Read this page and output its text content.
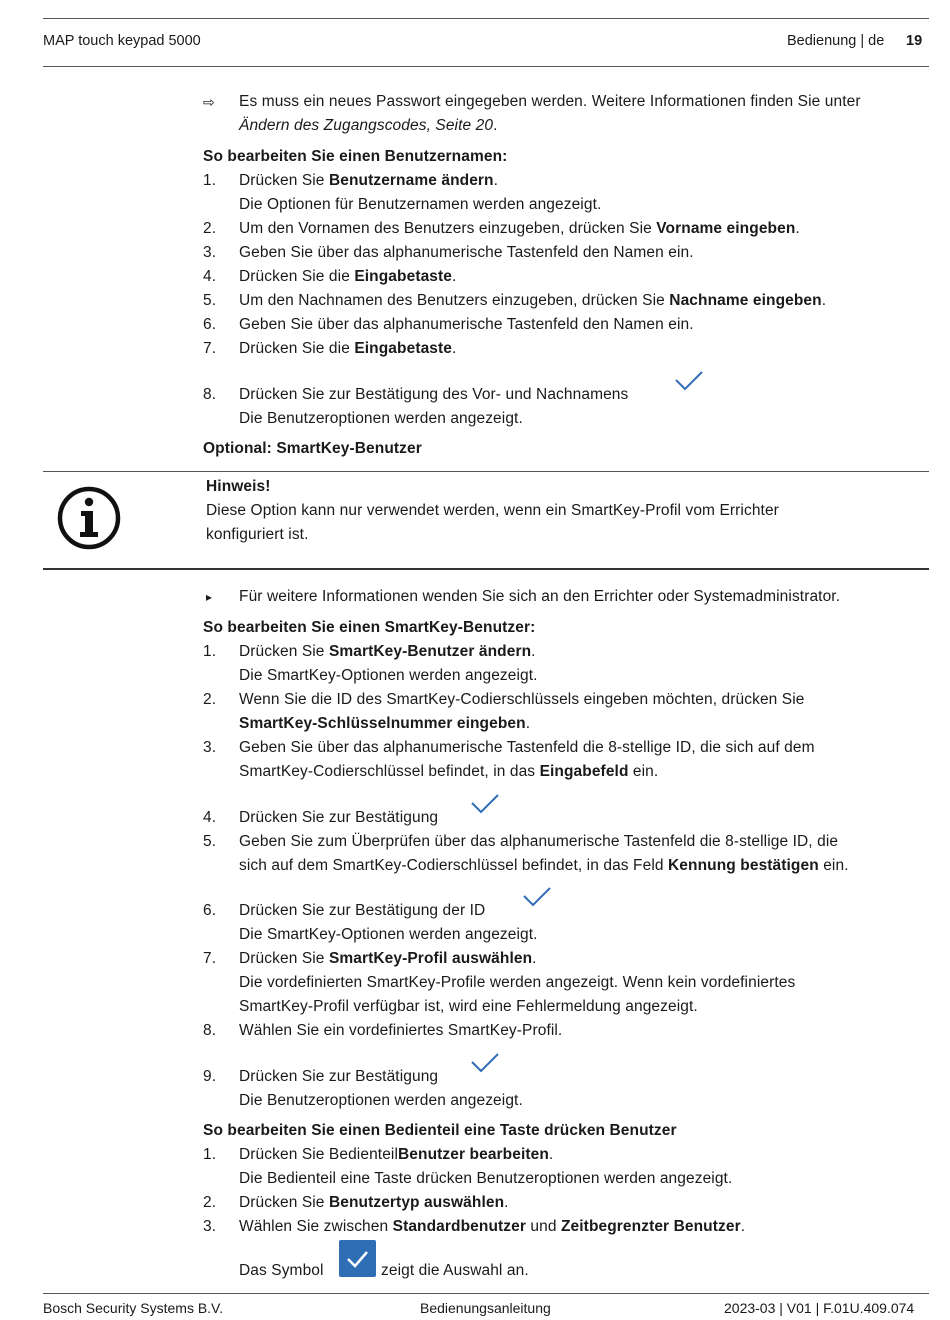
MAP touch keypad 5000	Bedienung | de 19
⇨ Es muss ein neues Passwort eingegeben werden. Weitere Informationen finden Sie unter
Ändern des Zugangscodes, Seite 20.
So bearbeiten Sie einen Benutzernamen:
1.	Drücken Sie Benutzername ändern.
Die Optionen für Benutzernamen werden angezeigt.
2.	Um den Vornamen des Benutzers einzugeben, drücken Sie Vorname eingeben.
3.	Geben Sie über das alphanumerische Tastenfeld den Namen ein.
4.	Drücken Sie die Eingabetaste.
5.	Um den Nachnamen des Benutzers einzugeben, drücken Sie Nachname eingeben.
6.	Geben Sie über das alphanumerische Tastenfeld den Namen ein.
7.	Drücken Sie die Eingabetaste.
8.	Drücken Sie zur Bestätigung des Vor- und Nachnamens
Die Benutzeroptionen werden angezeigt.
Optional: SmartKey-Benutzer
Hinweis!
Diese Option kann nur verwendet werden, wenn ein SmartKey-Profil vom Errichter konfiguriert ist.
▸ Für weitere Informationen wenden Sie sich an den Errichter oder Systemadministrator.
So bearbeiten Sie einen SmartKey-Benutzer:
1.	Drücken Sie SmartKey-Benutzer ändern.
Die SmartKey-Optionen werden angezeigt.
2.	Wenn Sie die ID des SmartKey-Codierschlüssels eingeben möchten, drücken Sie
SmartKey-Schlüsselnummer eingeben.
3.	Geben Sie über das alphanumerische Tastenfeld die 8-stellige ID, die sich auf dem
SmartKey-Codierschlüssel befindet, in das Eingabefeld ein.
4.	Drücken Sie zur Bestätigung
5.	Geben Sie zum Überprüfen über das alphanumerische Tastenfeld die 8-stellige ID, die
sich auf dem SmartKey-Codierschlüssel befindet, in das Feld Kennung bestätigen ein.
6.	Drücken Sie zur Bestätigung der ID
Die SmartKey-Optionen werden angezeigt.
7.	Drücken Sie SmartKey-Profil auswählen.
Die vordefinierten SmartKey-Profile werden angezeigt. Wenn kein vordefiniertes
SmartKey-Profil verfügbar ist, wird eine Fehlermeldung angezeigt.
8.	Wählen Sie ein vordefiniertes SmartKey-Profil.
9.	Drücken Sie zur Bestätigung
Die Benutzeroptionen werden angezeigt.
So bearbeiten Sie einen Bedienteil eine Taste drücken Benutzer
1.	Drücken Sie BedienteilBenutzer bearbeiten.
Die Bedienteil eine Taste drücken Benutzeroptionen werden angezeigt.
2.	Drücken Sie Benutzertyp auswählen.
3.	Wählen Sie zwischen Standardbenutzer und Zeitbegrenzter Benutzer.
Das Symbol	zeigt die Auswahl an.
Bosch Security Systems B.V.	Bedienungsanleitung	2023-03 | V01 | F.01U.409.074
